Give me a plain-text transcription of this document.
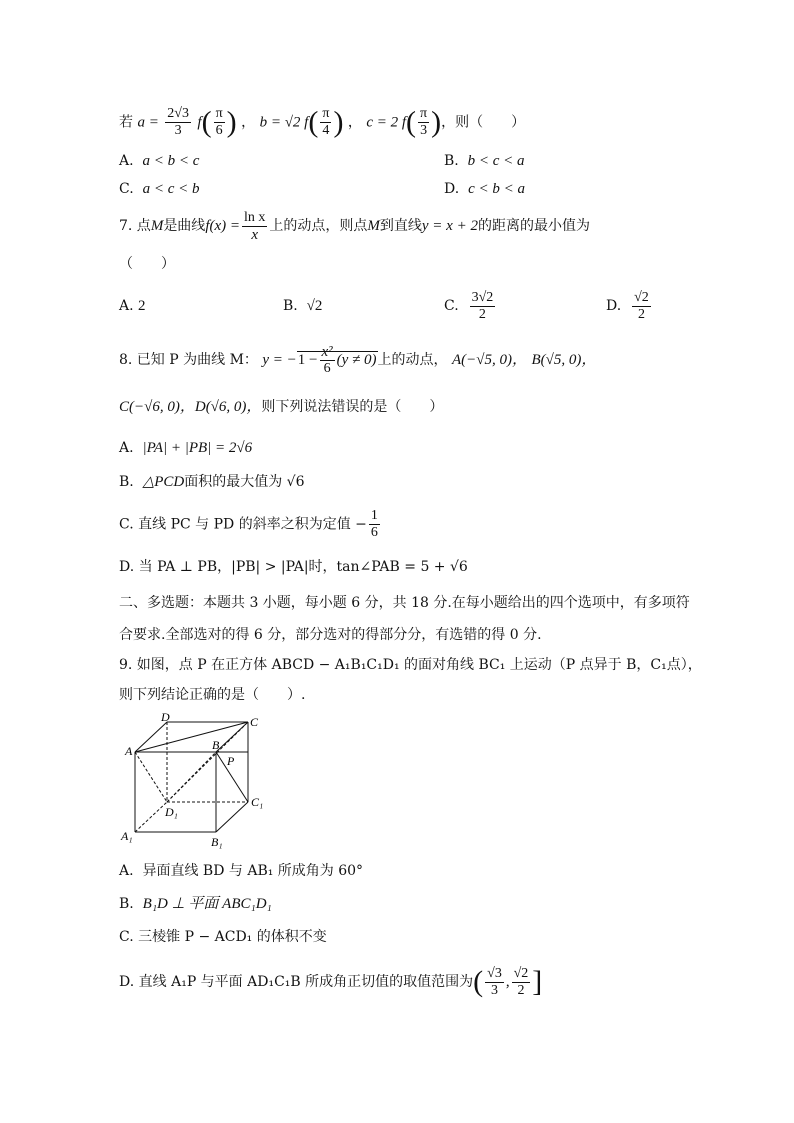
若 $a = \frac{2√3}{3} f( \frac{\pi}{6}$ ) ， b = √2 $f( \frac{\pi}{4}$ ) ， c = 2 $f( \frac{\pi}{3}$ )，则（　　）
A. a < b < c	B. b < c < a
C. a < c < b	D. c < b < a
7. 点M是曲线$f(x) = \frac{\text{ln x}}{x}$ 上的动点，则点M到直线y = x + 2的距离的最小值为
（　　）
A. 2	B. √2	C. $\frac{3√2}{2}$	D. $\frac{√2}{2}$
8. 已知 P 为曲线 M： $y = -1 - \frac{\text{x²}}{6} (y \ne 0)$上的动点， A(−√5, 0)， B(√5, 0)，
C(−√6, 0)，D(√6, 0)，则下列说法错误的是（　　）
A. |PA| + |PB| = 2√6
B. △PCD面积的最大值为 √6
C. 直线 PC 与 PD 的斜率之积为定值 − $\frac{1}{6}$
D. 当 PA ⊥ PB，|PB| > |PA|时，tan∠PAB = 5 + √6
二、多选题：本题共 3 小题，每小题 6 分，共 18 分.在每小题给出的四个选项中，有多项符
合要求.全部选对的得 6 分，部分选对的得部分分，有选错的得 0 分.
9. 如图，点 P 在正方体 ABCD − A₁B₁C₁D₁ 的面对角线 BC₁ 上运动（P 点异于 B，C₁点），
则下列结论正确的是（　　）.
D	C
A	B
P
D₁
C₁
A₁	B₁
A. 异面直线 BD 与 AB₁ 所成角为 60°
B. B₁D ⊥ 平面 ABC₁D₁
C. 三棱锥 P − ACD₁ 的体积不变
D. 直线 A₁P 与平面 AD₁C₁B 所成角正切值的取值范围为( $\frac{√3}{3}$ , $\frac{√2}{2}$ ]
